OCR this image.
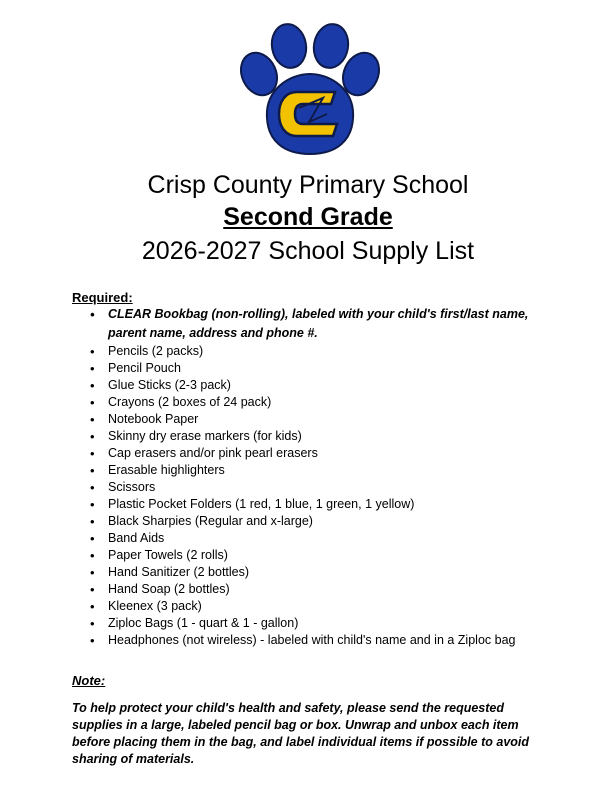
Crisp County Primary School

Second Grade

2026-2027 School Supply List

Required:

• CLEAR Bookbag (non-rolling), labeled with your child's first/last name, parent name, address and phone #.
• Pencils (2 packs)
• Pencil Pouch
• Glue Sticks (2-3 pack)
• Crayons (2 boxes of 24 pack)
• Notebook Paper
• Skinny dry erase markers (for kids)
• Cap erasers and/or pink pearl erasers
• Erasable highlighters
• Scissors
• Plastic Pocket Folders (1 red, 1 blue, 1 green, 1 yellow)
• Black Sharpies (Regular and x-large)
• Band Aids
• Paper Towels (2 rolls)
• Hand Sanitizer (2 bottles)
• Hand Soap (2 bottles)
• Kleenex (3 pack)
• Ziploc Bags (1 - quart & 1 - gallon)
• Headphones (not wireless) - labeled with child's name and in a Ziploc bag

Note:

To help protect your child's health and safety, please send the requested supplies in a large, labeled pencil bag or box. Unwrap and unbox each item before placing them in the bag, and label individual items if possible to avoid sharing of materials.
